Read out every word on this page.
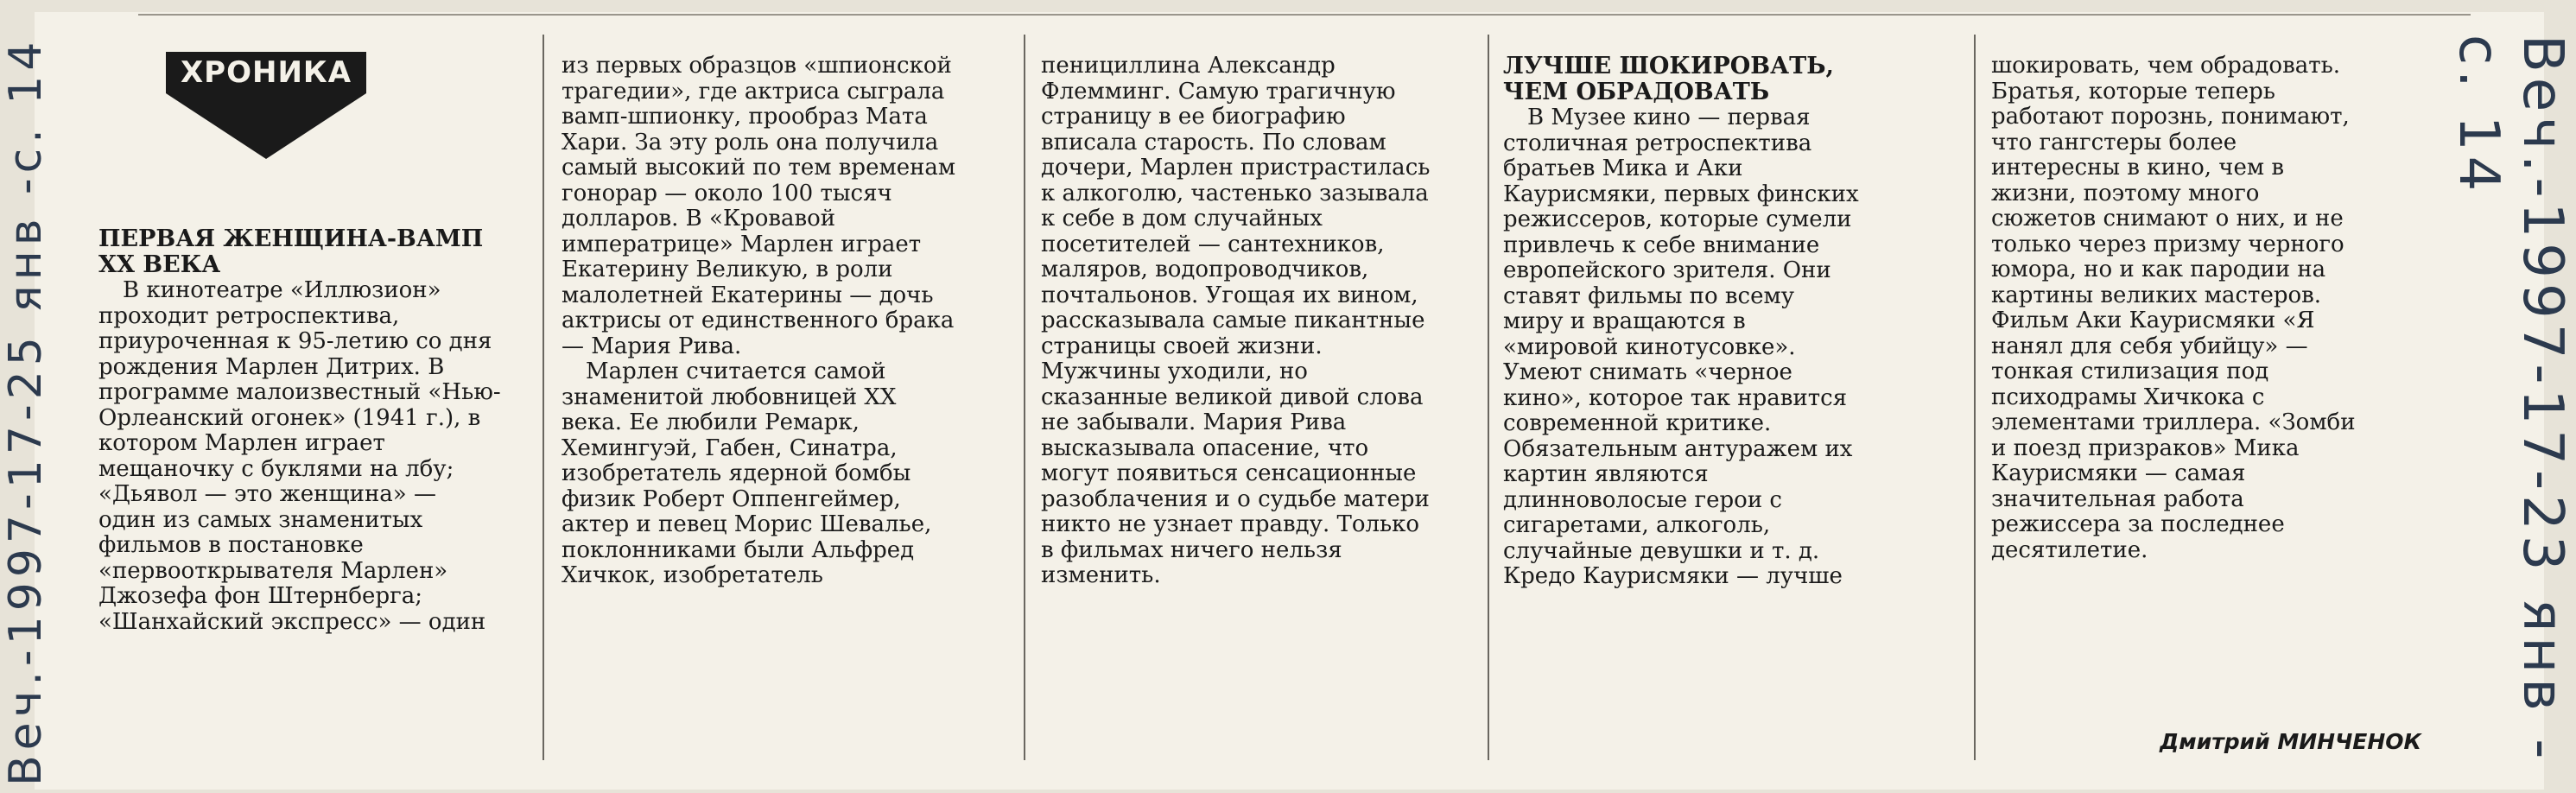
Веч.-1997-17-25 янв -с. 14	Веч.-1997-17-23 янв - с. 14
ХРОНИКА
ПЕРВАЯ ЖЕНЩИНА-ВАМП
XX ВЕКА
В кинотеатре «Иллюзион»
проходит ретроспектива,
приуроченная к 95-летию со дня
рождения Марлен Дитрих. В
программе малоизвестный «Нью-
Орлеанский огонек» (1941 г.), в
котором Марлен играет
мещаночку с буклями на лбу;
«Дьявол — это женщина» —
один из самых знаменитых
фильмов в постановке
«первооткрывателя Марлен»
Джозефа фон Штернберга;
«Шанхайский экспресс» — один
из первых образцов «шпионской
трагедии», где актриса сыграла
вамп-шпионку, прообраз Мата
Хари. За эту роль она получила
самый высокий по тем временам
гонорар — около 100 тысяч
долларов. В «Кровавой
императрице» Марлен играет
Екатерину Великую, в роли
малолетней Екатерины — дочь
актрисы от единственного брака
— Мария Рива.
Марлен считается самой
знаменитой любовницей XX
века. Ее любили Ремарк,
Хемингуэй, Габен, Синатра,
изобретатель ядерной бомбы
физик Роберт Оппенгеймер,
актер и певец Морис Шевалье,
поклонниками были Альфред
Хичкок, изобретатель
пенициллина Александр
Флемминг. Самую трагичную
страницу в ее биографию
вписала старость. По словам
дочери, Марлен пристрастилась
к алкоголю, частенько зазывала
к себе в дом случайных
посетителей — сантехников,
маляров, водопроводчиков,
почтальонов. Угощая их вином,
рассказывала самые пикантные
страницы своей жизни.
Мужчины уходили, но
сказанные великой дивой слова
не забывали. Мария Рива
высказывала опасение, что
могут появиться сенсационные
разоблачения и о судьбе матери
никто не узнает правду. Только
в фильмах ничего нельзя
изменить.
ЛУЧШЕ ШОКИРОВАТЬ,
ЧЕМ ОБРАДОВАТЬ
В Музее кино — первая
столичная ретроспектива
братьев Мика и Аки
Каурисмяки, первых финских
режиссеров, которые сумели
привлечь к себе внимание
европейского зрителя. Они
ставят фильмы по всему
миру и вращаются в
«мировой кинотусовке».
Умеют снимать «черное
кино», которое так нравится
современной критике.
Обязательным антуражем их
картин являются
длинноволосые герои с
сигаретами, алкоголь,
случайные девушки и т. д.
Кредо Каурисмяки — лучше
шокировать, чем обрадовать.
Братья, которые теперь
работают порознь, понимают,
что гангстеры более
интересны в кино, чем в
жизни, поэтому много
сюжетов снимают о них, и не
только через призму черного
юмора, но и как пародии на
картины великих мастеров.
Фильм Аки Каурисмяки «Я
нанял для себя убийцу» —
тонкая стилизация под
психодрамы Хичкока с
элементами триллера. «Зомби
и поезд призраков» Мика
Каурисмяки — самая
значительная работа
режиссера за последнее
десятилетие.
Дмитрий МИНЧЕНОК
